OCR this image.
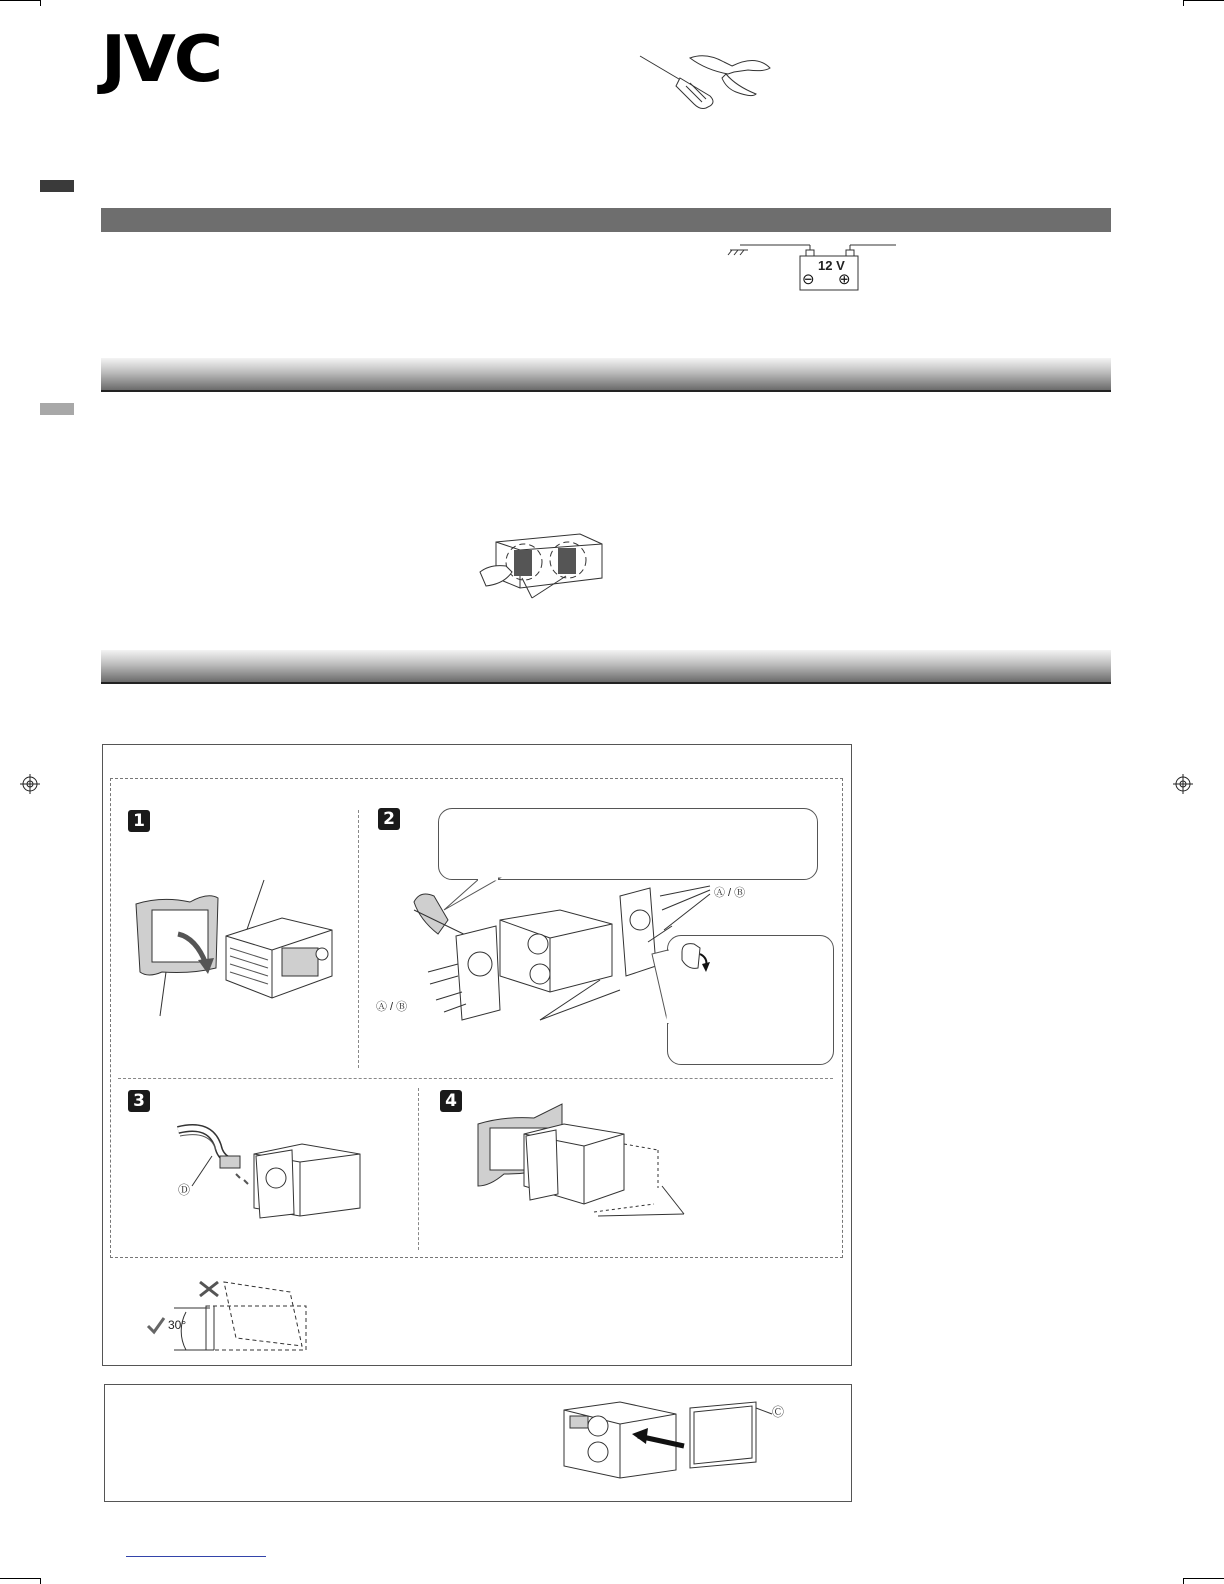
JVC
12 V
⊖ ⊕
1	2
3	4
Ⓐ / Ⓑ
Ⓐ / Ⓑ
Ⓓ
30°
Ⓒ
